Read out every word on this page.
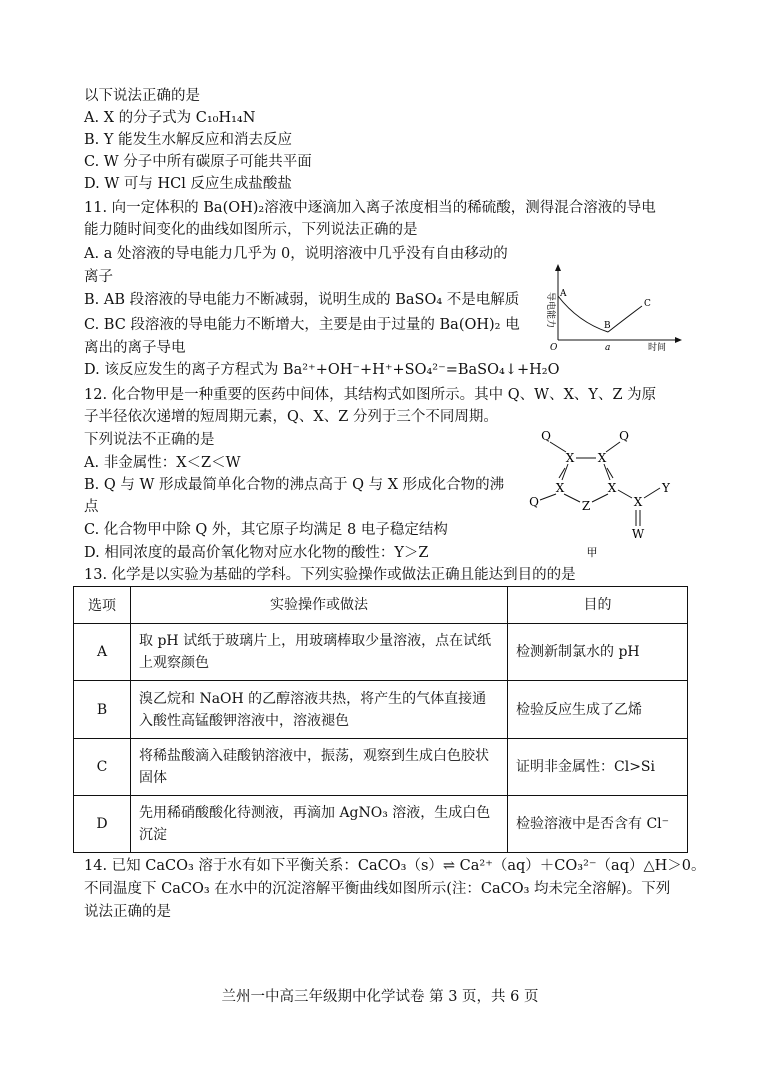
以下说法正确的是
A. X 的分子式为 C₁₀H₁₄N
B. Y 能发生水解反应和消去反应
C. W 分子中所有碳原子可能共平面
D. W 可与 HCl 反应生成盐酸盐
11. 向一定体积的 Ba(OH)₂溶液中逐滴加入离子浓度相当的稀硫酸，测得混合溶液的导电
能力随时间变化的曲线如图所示，下列说法正确的是
A. a 处溶液的导电能力几乎为 0，说明溶液中几乎没有自由移动的
离子
B. AB 段溶液的导电能力不断减弱，说明生成的 BaSO₄ 不是电解质
C. BC 段溶液的导电能力不断增大，主要是由于过量的 Ba(OH)₂ 电
离出的离子导电
D. 该反应发生的离子方程式为 Ba²⁺+OH⁻+H⁺+SO₄²⁻=BaSO₄↓+H₂O
导电能力 A
B
C
O	a	时间
12. 化合物甲是一种重要的医药中间体，其结构式如图所示。其中 Q、W、X、Y、Z 为原
子半径依次递增的短周期元素，Q、X、Z 分列于三个不同周期。
下列说法不正确的是
A. 非金属性：X＜Z＜W
B. Q 与 W 形成最简单化合物的沸点高于 Q 与 X 形成化合物的沸
点
C. 化合物甲中除 Q 外，其它原子均满足 8 电子稳定结构
D. 相同浓度的最高价氧化物对应水化物的酸性：Y＞Z
Q	Q
X X
X	X
Q	Z	X
Y
W
甲
13. 化学是以实验为基础的学科。下列实验操作或做法正确且能达到目的的是
选项	实验操作或做法	目的
A	取 pH 试纸于玻璃片上，用玻璃棒取少量溶液，点在试纸上观察颜色	检测新制氯水的 pH
B	溴乙烷和 NaOH 的乙醇溶液共热，将产生的气体直接通入酸性高锰酸钾溶液中，溶液褪色	检验反应生成了乙烯
C	将稀盐酸滴入硅酸钠溶液中，振荡，观察到生成白色胶状固体	证明非金属性：Cl>Si
D	先用稀硝酸酸化待测液，再滴加 AgNO₃ 溶液，生成白色沉淀	检验溶液中是否含有 Cl⁻
14. 已知 CaCO₃ 溶于水有如下平衡关系：CaCO₃（s）⇌ Ca²⁺（aq）＋CO₃²⁻（aq）△H＞0。
不同温度下 CaCO₃ 在水中的沉淀溶解平衡曲线如图所示(注：CaCO₃ 均未完全溶解)。下列
说法正确的是
兰州一中高三年级期中化学试卷 第 3 页，共 6 页
